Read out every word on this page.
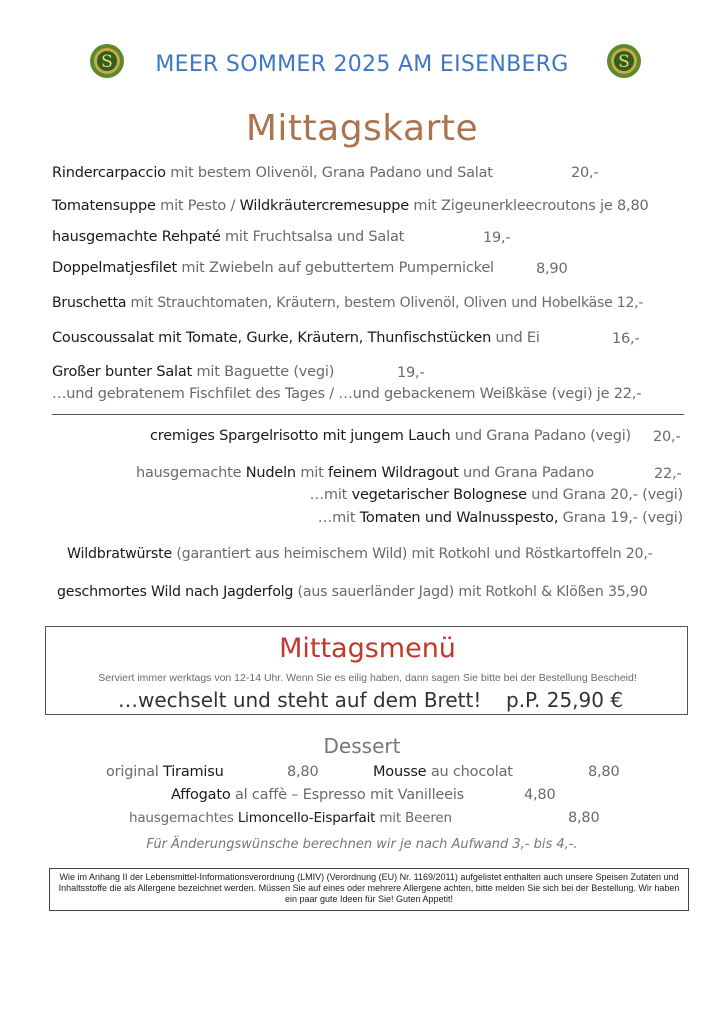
S	S
MEER SOMMER 2025 AM EISENBERG
Mittagskarte
Rindercarpaccio mit bestem Olivenöl, Grana Padano und Salat	20,-
Tomatensuppe mit Pesto / Wildkräutercremesuppe mit Zigeunerkleecroutons je 8,80
hausgemachte Rehpaté mit Fruchtsalsa und Salat	19,-
Doppelmatjesfilet mit Zwiebeln auf gebuttertem Pumpernickel	8,90
Bruschetta mit Strauchtomaten, Kräutern, bestem Olivenöl, Oliven und Hobelkäse 12,-
Couscoussalat mit Tomate, Gurke, Kräutern, Thunfischstücken und Ei	16,-
Großer bunter Salat mit Baguette (vegi)	19,-
…und gebratenem Fischfilet des Tages / …und gebackenem Weißkäse (vegi) je 22,-
cremiges Spargelrisotto mit jungem Lauch und Grana Padano (vegi) 20,-
hausgemachte Nudeln mit feinem Wildragout und Grana Padano	22,-
…mit vegetarischer Bolognese und Grana 20,- (vegi)
…mit Tomaten und Walnusspesto, Grana 19,- (vegi)
Wildbratwürste (garantiert aus heimischem Wild) mit Rotkohl und Röstkartoffeln 20,-
geschmortes Wild nach Jagderfolg (aus sauerländer Jagd) mit Rotkohl & Klößen 35,90
Mittagsmenü
Serviert immer werktags von 12-14 Uhr. Wenn Sie es eilig haben, dann sagen Sie bitte bei der Bestellung Bescheid!
…wechselt und steht auf dem Brett! p.P. 25,90 €
Dessert
original Tiramisu	8,80	Mousse au chocolat	8,80
Affogato al caffè – Espresso mit Vanilleeis	4,80
hausgemachtes Limoncello-Eisparfait mit Beeren	8,80
Für Änderungswünsche berechnen wir je nach Aufwand 3,- bis 4,-.
Wie im Anhang II der Lebensmittel-Informationsverordnung (LMIV) (Verordnung (EU) Nr. 1169/2011) aufgelistet enthalten auch unsere Speisen Zutaten und Inhaltsstoffe die als Allergene bezeichnet werden. Müssen Sie auf eines oder mehrere Allergene achten, bitte melden Sie sich bei der Bestellung. Wir haben ein paar gute Ideen für Sie! Guten Appetit!
